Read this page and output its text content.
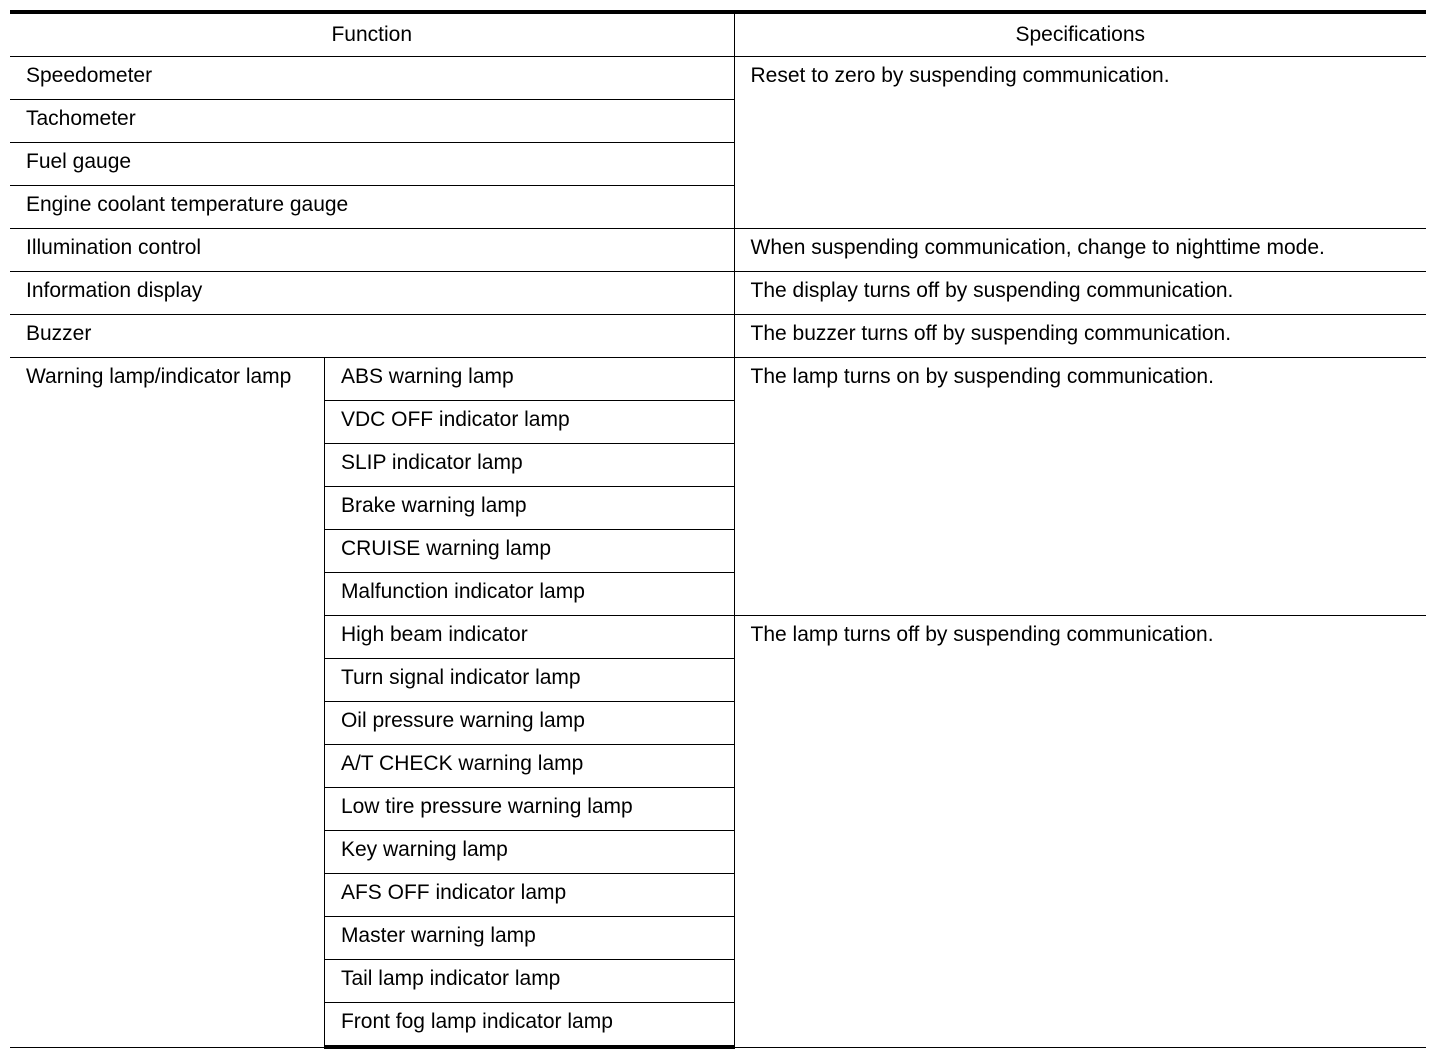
Function		Specifications
Speedometer		Reset to zero by suspending communication.
Tachometer		
Fuel gauge		
Engine coolant temperature gauge		
Illumination control		When suspending communication, change to nighttime mode.
Information display		The display turns off by suspending communication.
Buzzer		The buzzer turns off by suspending communication.
Warning lamp/indicator lamp	ABS warning lamp	The lamp turns on by suspending communication.
	VDC OFF indicator lamp	
	SLIP indicator lamp	
	Brake warning lamp	
	CRUISE warning lamp	
	Malfunction indicator lamp	
	High beam indicator	The lamp turns off by suspending communication.
	Turn signal indicator lamp	
	Oil pressure warning lamp	
	A/T CHECK warning lamp	
	Low tire pressure warning lamp	
	Key warning lamp	
	AFS OFF indicator lamp	
	Master warning lamp	
	Tail lamp indicator lamp	
	Front fog lamp indicator lamp	
